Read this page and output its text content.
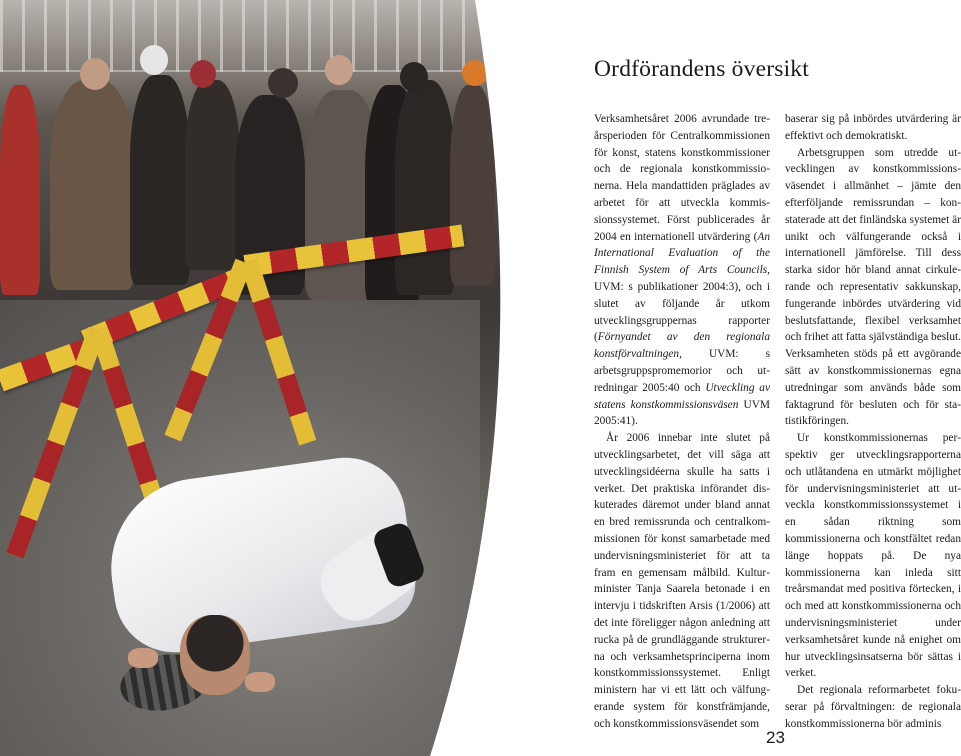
Ordförandens översikt

Verksamhetsåret 2006 avrundade treårsperioden för Centralkommissionen för konst, statens konstkommissioner och de regionala konstkommissionerna. Hela mandattiden präglades av arbetet för att utveckla kommissionssystemet. Först publicerades år 2004 en internationell utvärdering (An International Evaluation of the Finnish System of Arts Councils, UVM: s publikationer 2004:3), och i slutet av följande år utkom utvecklingsgruppernas rapporter (Förnyandet av den regionala konstförvaltningen, UVM: s arbetsgruppspromemorior och utredningar 2005:40 och Utveckling av statens konstkommissionsväsen UVM 2005:41).

År 2006 innebar inte slutet på utvecklingsarbetet, det vill säga att utvecklingsidéerna skulle ha satts i verket. Det praktiska införandet diskuterades däremot under bland annat en bred remissrunda och centralkommissionen för konst samarbetade med undervisningsministeriet för att ta fram en gemensam målbild. Kulturminister Tanja Saarela betonade i en intervju i tidskriften Arsis (1/2006) att det inte föreligger någon anledning att rucka på de grundläggande strukturerna och verksamhetsprinciperna inom konstkommissionssystemet. Enligt ministern har vi ett lätt och välfungerande system för konstfrämjande, och konstkommissionsväsendet som

baserar sig på inbördes utvärdering är effektivt och demokratiskt.

Arbetsgruppen som utredde utvecklingen av konstkommissionsväsendet i allmänhet – jämte den efterföljande remissrundan – konstaterade att det finländska systemet är unikt och välfungerande också i internationell jämförelse. Till dess starka sidor hör bland annat cirkulerande och representativ sakkunskap, fungerande inbördes utvärdering vid beslutsfattande, flexibel verksamhet och frihet att fatta självständiga beslut. Verksamheten stöds på ett avgörande sätt av konstkommissionernas egna utredningar som används både som faktagrund för besluten och för statistikföringen.

Ur konstkommissionernas perspektiv ger utvecklingsrapporterna och utlåtandena en utmärkt möjlighet för undervisningsministeriet att utveckla konstkommissionssystemet i en sådan riktning som kommissionerna och konstfältet redan länge hoppats på. De nya kommissionerna kan inleda sitt treårsmandat med positiva förtecken, i och med att konstkommissionerna och undervisningsministeriet under verksamhetsåret kunde nå enighet om hur utvecklingsinsatserna bör sättas i verket.

Det regionala reformarbetet fokuserar på förvaltningen: de regionala konstkommissionerna bör adminis

23
